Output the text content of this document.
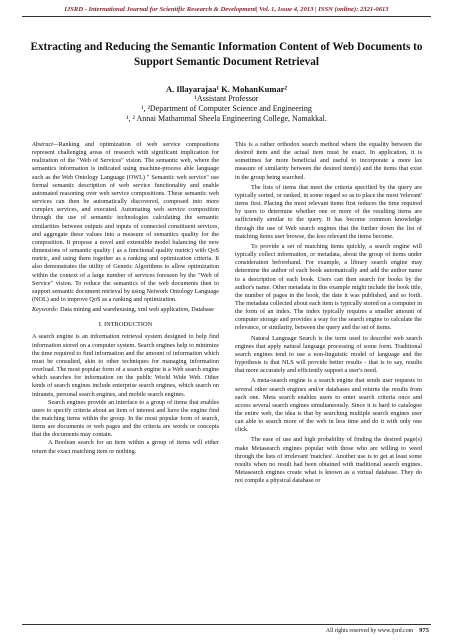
IJSRD - International Journal for Scientific Research & Development| Vol. 1, Issue 4, 2013 | ISSN (online): 2321-0613
Extracting and Reducing the Semantic Information Content of Web Documents to Support Semantic Document Retrieval
A. Illayarajaa¹ K. MohanKumar²
¹Assistant Professor
¹, ²Department of Computer Science and Engineering
¹, ² Annai Mathammal Sheela Engineering College, Namakkal.

Abstract—Ranking and optimization of web service compositions represent challenging areas of research with significant implication for realization of the "Web of Services" vision. The semantic web, where the semantics information is indicated using machine-process able language such as the Web Ontology Language (OWL) " Semantic web service" use formal semantic description of web service functionality and enable automated reasoning over web service compositions. These semantic web services can then be automatically discovered, composed into more complex services, and executed. Automating web service composition through the use of semantic technologies calculating the semantic similarities between outputs and inputs of connected constituent services, and aggregate these values into a measure of semantics quality for the composition. It propose a novel and extensible model balancing the new dimensions of semantic quality ( as a functional quality metric) with QoS metric, and using them together as a ranking and optimization criteria. It also demonstrates the utility of Genetic Algorithms to allow optimization within the context of a large number of services foreseen by the "Web of Service" vision. To reduce the semantics of the web documents then to support semantic document retrieval by using Network Ontology Language (NOL) and to improve QoS as a ranking and optimization.

Keywords: Data mining and warehousing, xml web application, Database

I. INTRODUCTION

A search engine is an information retrieval system designed to help find information stored on a computer system. Search engines help to minimize the time required to find information and the amount of information which must be consulted, akin to other techniques for managing information overload. The most popular form of a search engine is a Web search engine which searches for information on the public World Wide Web. Other kinds of search engines include enterprise search engines, which search on intranets, personal search engines, and mobile search engines.

Search engines provide an interface to a group of items that enables users to specify criteria about an item of interest and have the engine find the matching items within the group. In the most popular form of search, items are documents or web pages and the criteria are words or concepts that the documents may contain.

A Boolean search for an item within a group of items will either return the exact matching item or nothing.

This is a rather orthodox search method where the equality between the desired item and the actual item must be exact. In application, it is sometimes far more beneficial and useful to incorporate a more lax measure of similarity between the desired item(s) and the items that exist in the group being searched.

The lists of items that meet the criteria specified by the query are typically sorted, or ranked, in some regard so as to place the most 'relevant' items first. Placing the most relevant items first reduces the time required by users to determine whether one or more of the resulting items are sufficiently similar to the query. It has become common knowledge through the use of Web search engines that the further down the list of matching items user browse, the less relevant the items become.

To provide a set of matching items quickly, a search engine will typically collect information, or metadata, about the group of items under consideration beforehand. For example, a library search engine may determine the author of each book automatically and add the author name to a description of each book. Users can then search for books by the author's name. Other metadata in this example might include the book title, the number of pages in the book, the date it was published, and so forth. The metadata collected about each item is typically stored on a computer in the form of an index. The index typically requires a smaller amount of computer storage and provides a way for the search engine to calculate the relevance, or similarity, between the query and the set of items.

Natural Language Search is the term used to describe web search engines that apply natural language processing of some form. Traditional search engines tend to use a non-linguistic model of language and the hypothesis is that NLS will provide better results - that is to say, results that more accurately and efficiently support a user's need.

A meta-search engine is a search engine that sends user requests to several other search engines and/or databases and returns the results from each one. Meta search enables users to enter search criteria once and access several search engines simultaneously. Since it is hard to catalogue the entire web, the idea is that by searching multiple search engines user can able to search more of the web in less time and do it with only one click.

The ease of use and high probability of finding the desired page(s) make Metasearch engines popular with those who are willing to weed through the lists of irrelevant 'matches'. Another use is to get at least some results when no result had been obtained with traditional search engines. Metasearch engines create what is known as a virtual database. They do not compile a physical database or

All rights reserved by www.ijsrd.com 975
